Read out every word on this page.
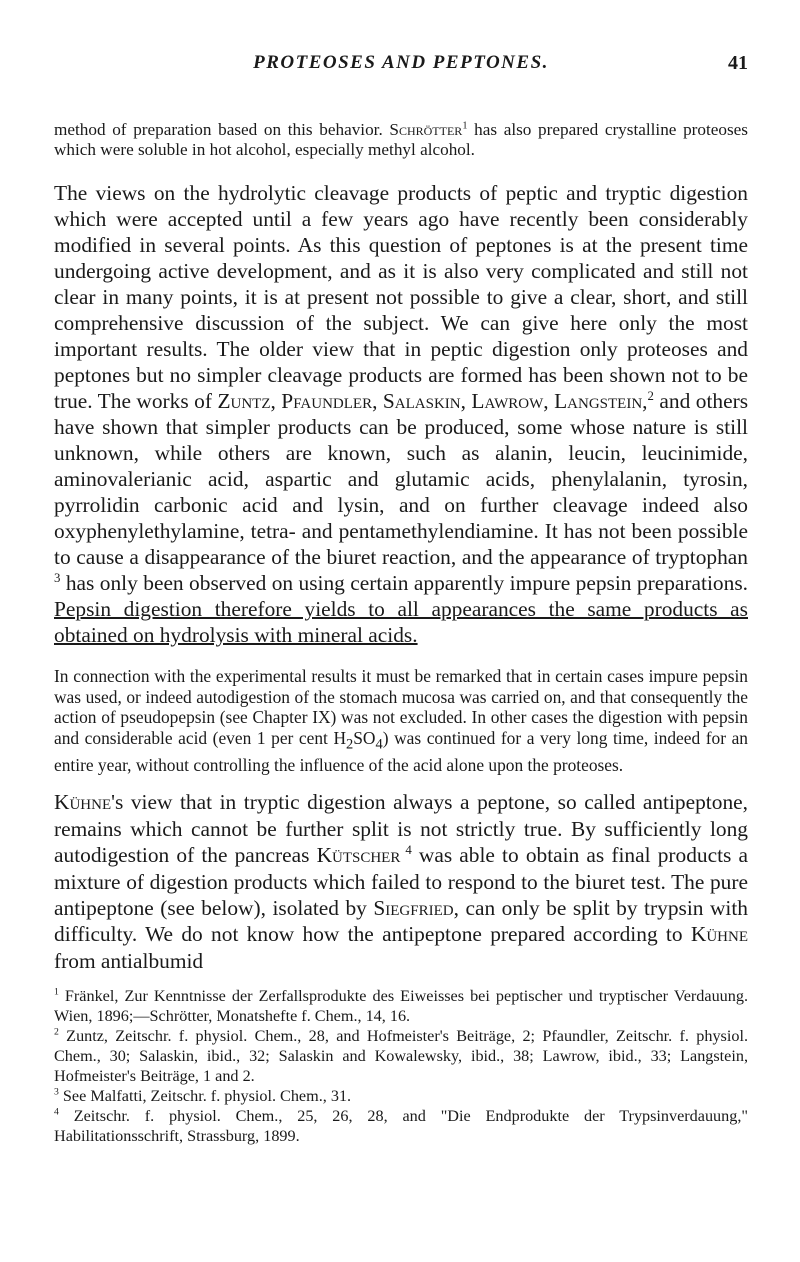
PROTEOSES AND PEPTONES.	41

method of preparation based on this behavior. Schrötter$^1$ has also prepared crystalline proteoses which were soluble in hot alcohol, especially methyl alcohol.

The views on the hydrolytic cleavage products of peptic and tryptic digestion which were accepted until a few years ago have recently been considerably modified in several points. As this question of peptones is at the present time undergoing active development, and as it is also very complicated and still not clear in many points, it is at present not possible to give a clear, short, and still comprehensive discussion of the subject. We can give here only the most important results. The older view that in peptic digestion only proteoses and peptones but no simpler cleavage products are formed has been shown not to be true. The works of Zuntz, Pfaundler, Salaskin, Lawrow, Langstein,$^2$ and others have shown that simpler products can be produced, some whose nature is still unknown, while others are known, such as alanin, leucin, leucinimide, aminovalerianic acid, aspartic and glutamic acids, phenylalanin, tyrosin, pyrrolidin carbonic acid and lysin, and on further cleavage indeed also oxyphenylethylamine, tetra- and pentamethylendiamine. It has not been possible to cause a disappearance of the biuret reaction, and the appearance of tryptophan $^3$ has only been observed on using certain apparently impure pepsin preparations. Pepsin digestion therefore yields to all appearances the same products as obtained on hydrolysis with mineral acids.

In connection with the experimental results it must be remarked that in certain cases impure pepsin was used, or indeed autodigestion of the stomach mucosa was carried on, and that consequently the action of pseudopepsin (see Chapter IX) was not excluded. In other cases the digestion with pepsin and considerable acid (even 1 per cent $H_2SO_4$) was continued for a very long time, indeed for an entire year, without controlling the influence of the acid alone upon the proteoses.

Kühne's view that in tryptic digestion always a peptone, so called antipeptone, remains which cannot be further split is not strictly true. By sufficiently long autodigestion of the pancreas Kütscher $^4$ was able to obtain as final products a mixture of digestion products which failed to respond to the biuret test. The pure antipeptone (see below), isolated by Siegfried, can only be split by trypsin with difficulty. We do not know how the antipeptone prepared according to Kühne from antialbumid

$^1$ Fränkel, Zur Kenntnisse der Zerfallsprodukte des Eiweisses bei peptischer und tryptischer Verdauung. Wien, 1896;—Schrötter, Monatshefte f. Chem., 14, 16.
$^2$ Zuntz, Zeitschr. f. physiol. Chem., 28, and Hofmeister's Beiträge, 2; Pfaundler, Zeitschr. f. physiol. Chem., 30; Salaskin, ibid., 32; Salaskin and Kowalewsky, ibid., 38; Lawrow, ibid., 33; Langstein, Hofmeister's Beiträge, 1 and 2.
$^3$ See Malfatti, Zeitschr. f. physiol. Chem., 31.
$^4$ Zeitschr. f. physiol. Chem., 25, 26, 28, and "Die Endprodukte der Trypsinverdauung," Habilitationsschrift, Strassburg, 1899.
